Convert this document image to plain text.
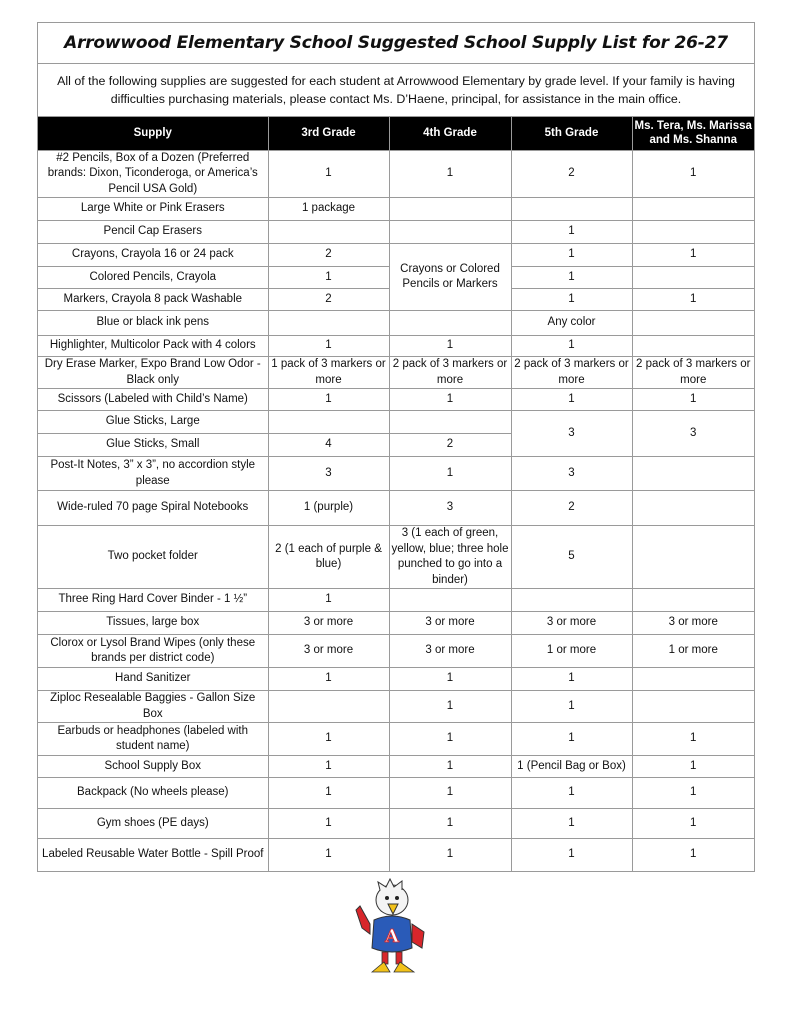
Arrowwood Elementary School Suggested School Supply List for 26-27
All of the following supplies are suggested for each student at Arrowwood Elementary by grade level. If your family is having difficulties purchasing materials, please contact Ms. D’Haene, principal, for assistance in the main office.
Supply	3rd Grade	4th Grade	5th Grade	Ms. Tera, Ms. Marissa and Ms. Shanna
#2 Pencils, Box of a Dozen (Preferred brands: Dixon, Ticonderoga, or America’s Pencil USA Gold)	1	1	2	1
Large White or Pink Erasers	1 package			
Pencil Cap Erasers			1	
Crayons, Crayola 16 or 24 pack	2	Crayons or Colored Pencils or Markers	1	1
Colored Pencils, Crayola	1		1	
Markers, Crayola 8 pack Washable	2		1	1
Blue or black ink pens			Any color	
Highlighter, Multicolor Pack with 4 colors	1	1	1	
Dry Erase Marker, Expo Brand Low Odor - Black only	1 pack of 3 markers or more	2 pack of 3 markers or more	2 pack of 3 markers or more	2 pack of 3 markers or more
Scissors (Labeled with Child’s Name)	1	1	1	1
Glue Sticks, Large			3	3
Glue Sticks, Small	4	2		
Post-It Notes, 3” x 3”, no accordion style please	3	1	3	
Wide-ruled 70 page Spiral Notebooks	1 (purple)	3	2	
Two pocket folder	2 (1 each of purple & blue)	3 (1 each of green, yellow, blue; three hole punched to go into a binder)	5	
Three Ring Hard Cover Binder - 1 ½”	1			
Tissues, large box	3 or more	3 or more	3 or more	3 or more
Clorox or Lysol Brand Wipes (only these brands per district code)	3 or more	3 or more	1 or more	1 or more
Hand Sanitizer	1	1	1	
Ziploc Resealable Baggies - Gallon Size Box		1	1	
Earbuds or headphones (labeled with student name)	1	1	1	1
School Supply Box	1	1	1 (Pencil Bag or Box)	1
Backpack (No wheels please)	1	1	1	1
Gym shoes (PE days)	1	1	1	1
Labeled Reusable Water Bottle - Spill Proof	1	1	1	1
A
